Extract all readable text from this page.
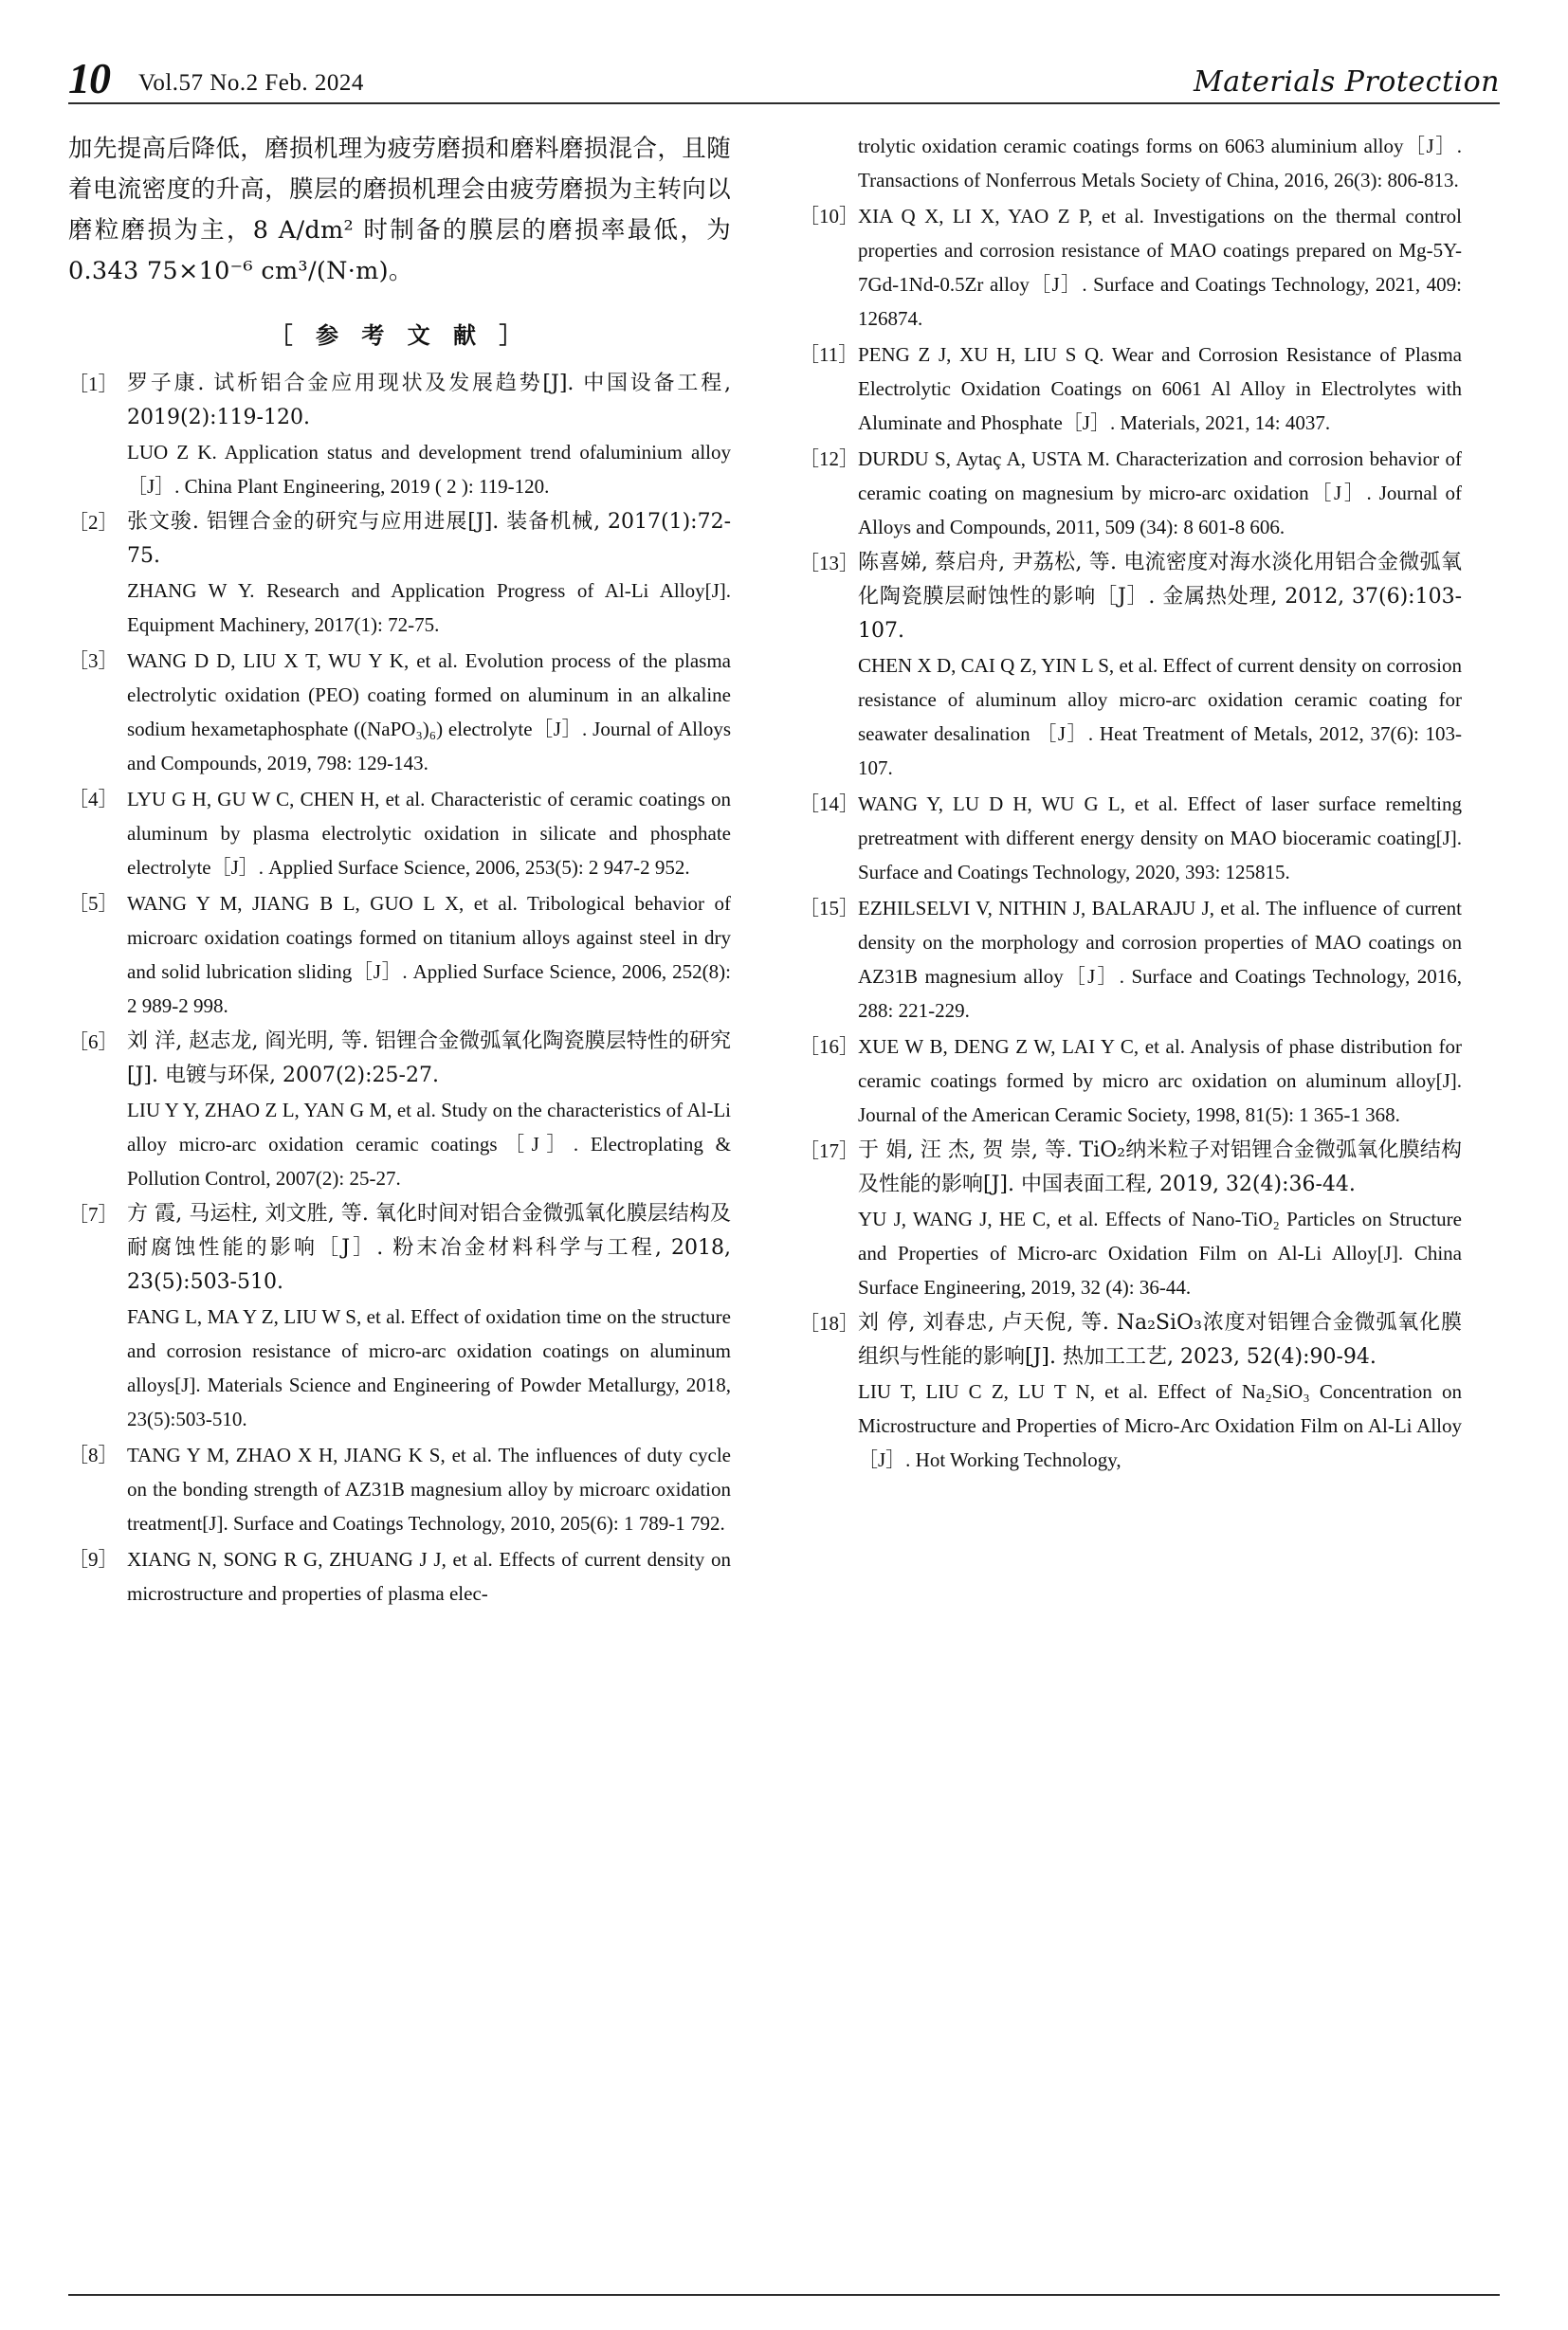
10 Vol.57 No.2 Feb. 2024	Materials Protection

加先提高后降低，磨损机理为疲劳磨损和磨料磨损混合，且随着电流密度的升高，膜层的磨损机理会由疲劳磨损为主转向以磨粒磨损为主，8 A/dm² 时制备的膜层的磨损率最低，为 0.343 75×10⁻⁶ cm³/(N·m)。

［ 参 考 文 献 ］
［1］ 罗子康. 试析铝合金应用现状及发展趋势[J]. 中国设备工程, 2019(2):119-120.
LUO Z K. Application status and development trend ofaluminium alloy ［J］. China Plant Engineering, 2019 ( 2 ): 119-120.
［2］ 张文骏. 铝锂合金的研究与应用进展[J]. 装备机械, 2017(1):72-75.
ZHANG W Y. Research and Application Progress of Al-Li Alloy[J]. Equipment Machinery, 2017(1): 72-75.
［3］ WANG D D, LIU X T, WU Y K, et al. Evolution process of the plasma electrolytic oxidation (PEO) coating formed on aluminum in an alkaline sodium hexametaphosphate ((NaPO₃)₆) electrolyte［J］. Journal of Alloys and Compounds, 2019, 798: 129-143.
［4］ LYU G H, GU W C, CHEN H, et al. Characteristic of ceramic coatings on aluminum by plasma electrolytic oxidation in silicate and phosphate electrolyte［J］. Applied Surface Science, 2006, 253(5): 2 947-2 952.
［5］ WANG Y M, JIANG B L, GUO L X, et al. Tribological behavior of microarc oxidation coatings formed on titanium alloys against steel in dry and solid lubrication sliding［J］. Applied Surface Science, 2006, 252(8): 2 989-2 998.
［6］ 刘 洋, 赵志龙, 阎光明, 等. 铝锂合金微弧氧化陶瓷膜层特性的研究[J]. 电镀与环保, 2007(2):25-27.
LIU Y Y, ZHAO Z L, YAN G M, et al. Study on the characteristics of Al-Li alloy micro-arc oxidation ceramic coatings［J］. Electroplating & Pollution Control, 2007(2): 25-27.
［7］ 方 霞, 马运柱, 刘文胜, 等. 氧化时间对铝合金微弧氧化膜层结构及耐腐蚀性能的影响［J］. 粉末冶金材料科学与工程, 2018, 23(5):503-510.
FANG L, MA Y Z, LIU W S, et al. Effect of oxidation time on the structure and corrosion resistance of micro-arc oxidation coatings on aluminum alloys[J]. Materials Science and Engineering of Powder Metallurgy, 2018, 23(5):503-510.
［8］ TANG Y M, ZHAO X H, JIANG K S, et al. The influences of duty cycle on the bonding strength of AZ31B magnesium alloy by microarc oxidation treatment[J]. Surface and Coatings Technology, 2010, 205(6): 1 789-1 792.
［9］ XIANG N, SONG R G, ZHUANG J J, et al. Effects of current density on microstructure and properties of plasma elec-

trolytic oxidation ceramic coatings forms on 6063 aluminium alloy［J］. Transactions of Nonferrous Metals Society of China, 2016, 26(3): 806-813.
［10］ XIA Q X, LI X, YAO Z P, et al. Investigations on the thermal control properties and corrosion resistance of MAO coatings prepared on Mg-5Y-7Gd-1Nd-0.5Zr alloy［J］. Surface and Coatings Technology, 2021, 409: 126874.
［11］ PENG Z J, XU H, LIU S Q. Wear and Corrosion Resistance of Plasma Electrolytic Oxidation Coatings on 6061 Al Alloy in Electrolytes with Aluminate and Phosphate［J］. Materials, 2021, 14: 4037.
［12］ DURDU S, Aytaç A, USTA M. Characterization and corrosion behavior of ceramic coating on magnesium by micro-arc oxidation［J］. Journal of Alloys and Compounds, 2011, 509 (34): 8 601-8 606.
［13］ 陈喜娣, 蔡启舟, 尹荔松, 等. 电流密度对海水淡化用铝合金微弧氧化陶瓷膜层耐蚀性的影响［J］. 金属热处理, 2012, 37(6):103-107.
CHEN X D, CAI Q Z, YIN L S, et al. Effect of current density on corrosion resistance of aluminum alloy micro-arc oxidation ceramic coating for seawater desalination ［J］. Heat Treatment of Metals, 2012, 37(6): 103-107.
［14］ WANG Y, LU D H, WU G L, et al. Effect of laser surface remelting pretreatment with different energy density on MAO bioceramic coating[J]. Surface and Coatings Technology, 2020, 393: 125815.
［15］ EZHILSELVI V, NITHIN J, BALARAJU J, et al. The influence of current density on the morphology and corrosion properties of MAO coatings on AZ31B magnesium alloy［J］. Surface and Coatings Technology, 2016, 288: 221-229.
［16］ XUE W B, DENG Z W, LAI Y C, et al. Analysis of phase distribution for ceramic coatings formed by micro arc oxidation on aluminum alloy[J]. Journal of the American Ceramic Society, 1998, 81(5): 1 365-1 368.
［17］ 于 娟, 汪 杰, 贺 崇, 等. TiO₂纳米粒子对铝锂合金微弧氧化膜结构及性能的影响[J]. 中国表面工程, 2019, 32(4):36-44.
YU J, WANG J, HE C, et al. Effects of Nano-TiO₂ Particles on Structure and Properties of Micro-arc Oxidation Film on Al-Li Alloy[J]. China Surface Engineering, 2019, 32 (4): 36-44.
［18］ 刘 停, 刘春忠, 卢天倪, 等. Na₂SiO₃浓度对铝锂合金微弧氧化膜组织与性能的影响[J]. 热加工工艺, 2023, 52(4):90-94.
LIU T, LIU C Z, LU T N, et al. Effect of Na₂SiO₃ Concentration on Microstructure and Properties of Micro-Arc Oxidation Film on Al-Li Alloy［J］. Hot Working Technology,
